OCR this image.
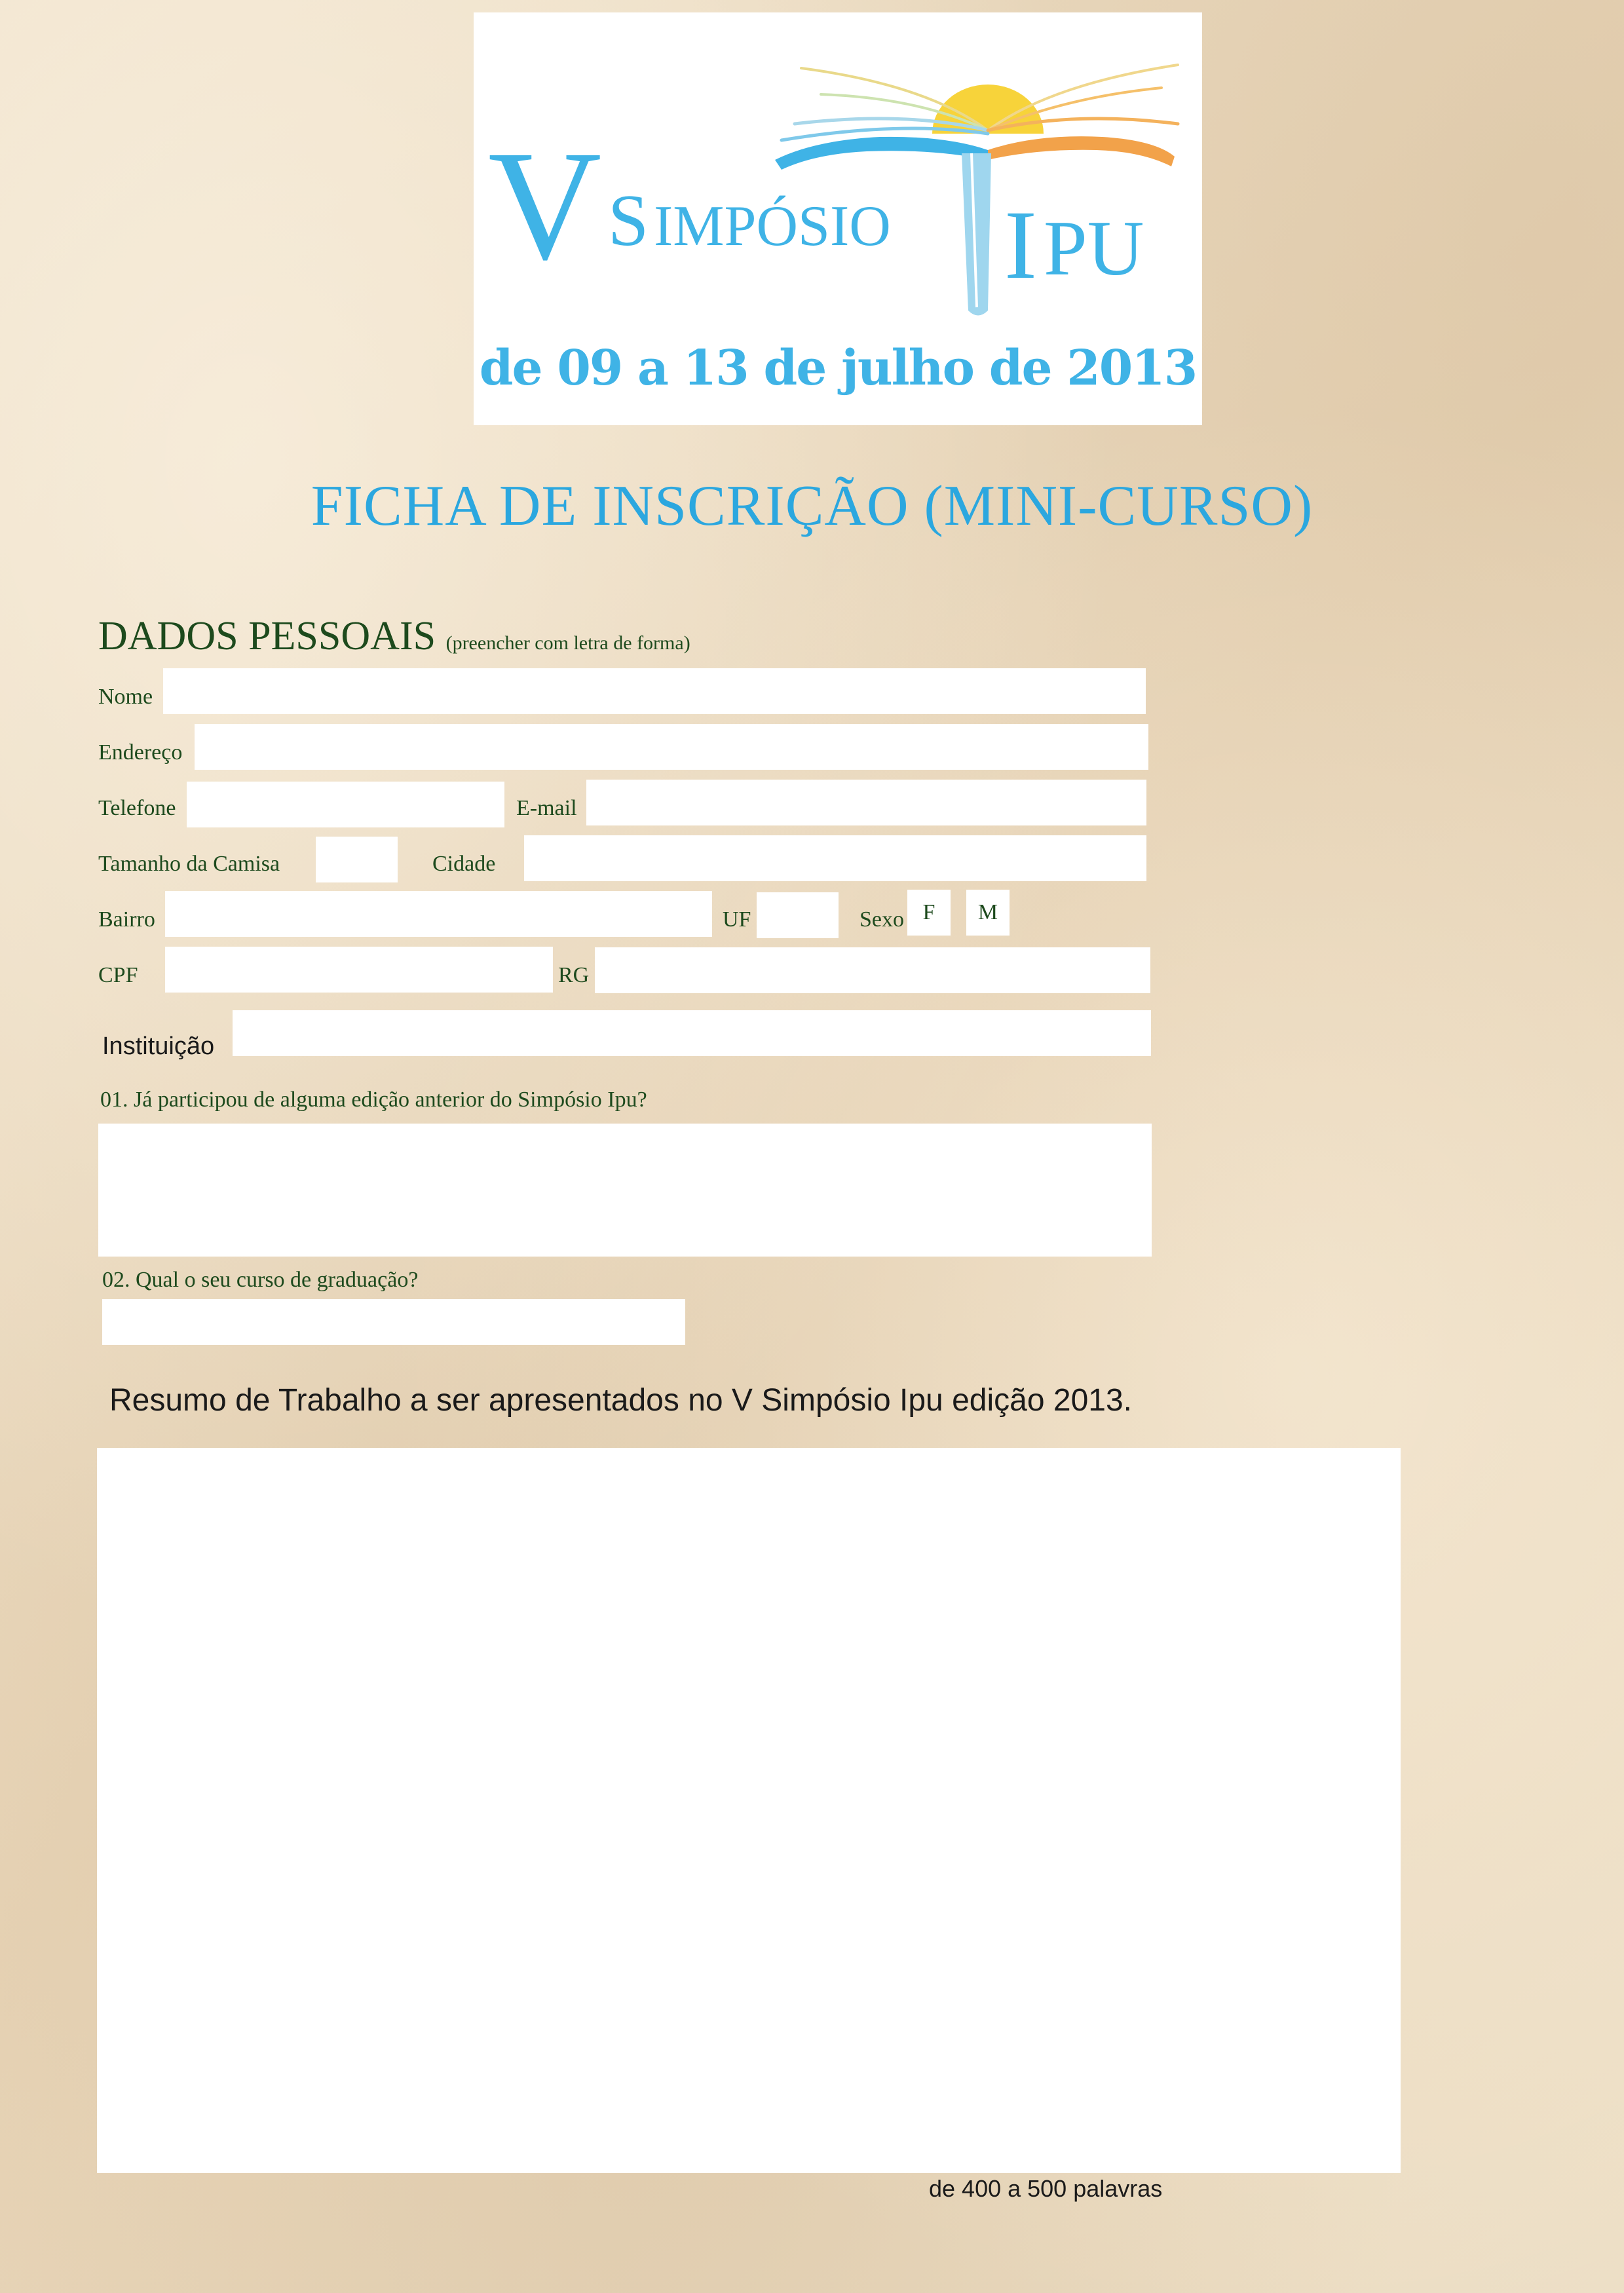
V S IMPÓSIO I PU
de 09 a 13 de julho de 2013
FICHA DE INSCRIÇÃO (MINI-CURSO)
DADOS PESSOAIS (preencher com letra de forma)
Nome
Endereço
Telefone	E-mail
Tamanho da Camisa	Cidade
Bairro	UF	Sexo F	M
CPF	RG
Instituição
01. Já participou de alguma edição anterior do Simpósio Ipu?
02. Qual o seu curso de graduação?
Resumo de Trabalho a ser apresentados no V Simpósio Ipu edição 2013.
de 400 a 500 palavras
